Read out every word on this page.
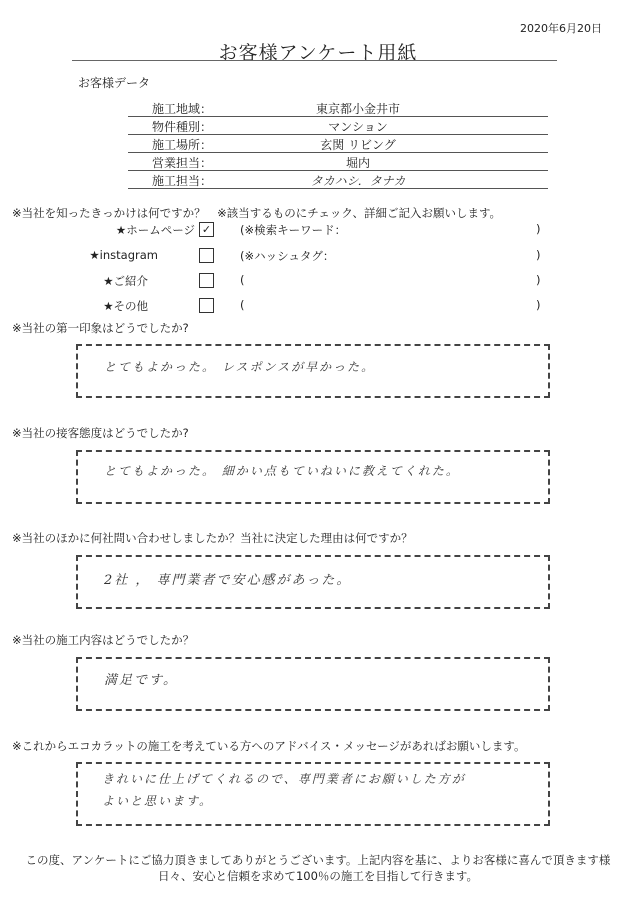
2020年6月20日
お客様アンケート用紙
お客様データ
施工地域：	東京都小金井市
物件種別：	マンション
施工場所：	玄関 リビング
営業担当：	堀内
施工担当：	タカハシ．タナカ
※当社を知ったきっかけは何ですか？　※該当するものにチェック、詳細ご記入お願いします。
★ホームページ ✓	(※検索キーワード：	)
★instagram	(※ハッシュタグ：	)
★ご紹介	(	)
★その他	(	)
※当社の第一印象はどうでしたか?
とてもよかった。 レスポンスが早かった。
※当社の接客態度はどうでしたか?
とてもよかった。 細かい点もていねいに教えてくれた。
※当社のほかに何社問い合わせしましたか？当社に決定した理由は何ですか？
2社 ， 専門業者で安心感があった。
※当社の施工内容はどうでしたか？
満足です。
※これからエコカラットの施工を考えている方へのアドバイス・メッセージがあればお願いします。
きれいに仕上げてくれるので、専門業者にお願いした方が
よいと思います。
この度、アンケートにご協力頂きましてありがとうございます。上記内容を基に、よりお客様に喜んで頂きます様
日々、安心と信頼を求めて100％の施工を目指して行きます。
